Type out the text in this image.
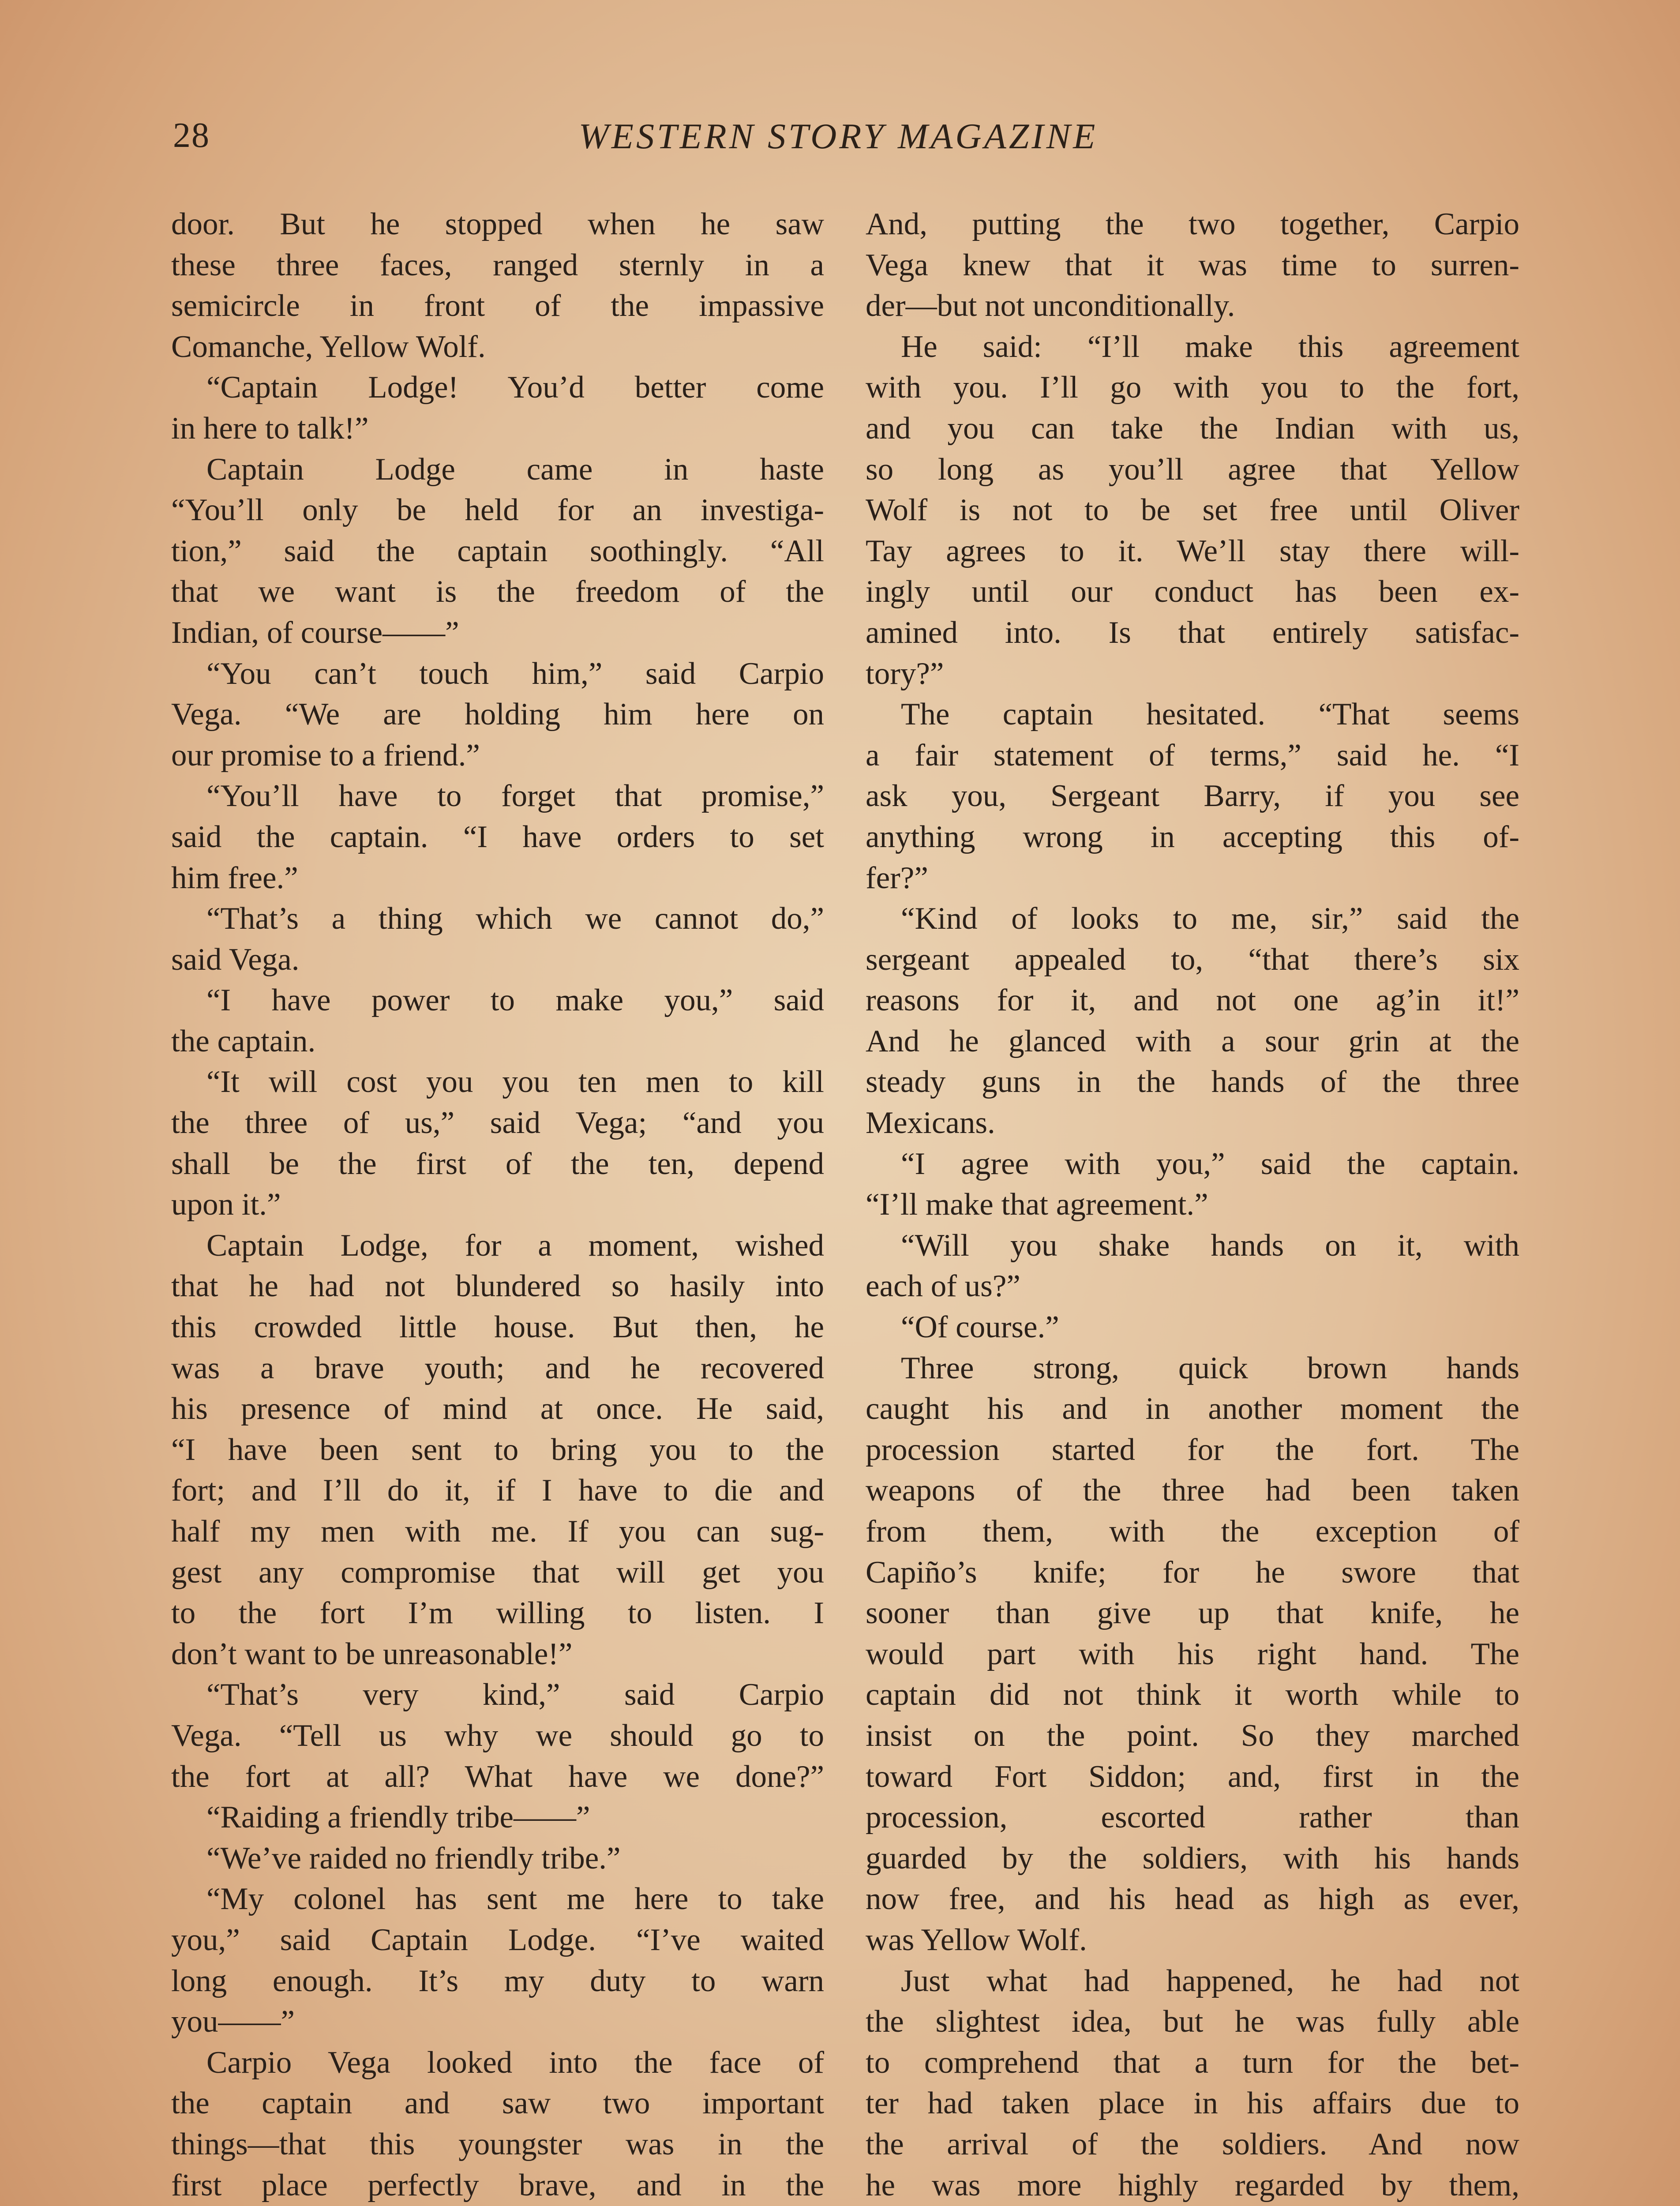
28	WESTERN STORY MAGAZINE
door. But he stopped when he saw
these three faces, ranged sternly in a
semicircle in front of the impassive
Comanche, Yellow Wolf.
“Captain Lodge! You’d better come
in here to talk!”
Captain Lodge came in haste
“You’ll only be held for an investiga-
tion,” said the captain soothingly. “All
that we want is the freedom of the
Indian, of course——”
“You can’t touch him,” said Carpio
Vega. “We are holding him here on
our promise to a friend.”
“You’ll have to forget that promise,”
said the captain. “I have orders to set
him free.”
“That’s a thing which we cannot do,”
said Vega.
“I have power to make you,” said
the captain.
“It will cost you you ten men to kill
the three of us,” said Vega; “and you
shall be the first of the ten, depend
upon it.”
Captain Lodge, for a moment, wished
that he had not blundered so hasily into
this crowded little house. But then, he
was a brave youth; and he recovered
his presence of mind at once. He said,
“I have been sent to bring you to the
fort; and I’ll do it, if I have to die and
half my men with me. If you can sug-
gest any compromise that will get you
to the fort I’m willing to listen. I
don’t want to be unreasonable!”
“That’s very kind,” said Carpio
Vega. “Tell us why we should go to
the fort at all? What have we done?”
“Raiding a friendly tribe——”
“We’ve raided no friendly tribe.”
“My colonel has sent me here to take
you,” said Captain Lodge. “I’ve waited
long enough. It’s my duty to warn
you——”
Carpio Vega looked into the face of
the captain and saw two important
things—that this youngster was in the
first place perfectly brave, and in the
And, putting the two together, Carpio
Vega knew that it was time to surren-
der—but not unconditionally.
He said: “I’ll make this agreement
with you. I’ll go with you to the fort,
and you can take the Indian with us,
so long as you’ll agree that Yellow
Wolf is not to be set free until Oliver
Tay agrees to it. We’ll stay there will-
ingly until our conduct has been ex-
amined into. Is that entirely satisfac-
tory?”
The captain hesitated. “That seems
a fair statement of terms,” said he. “I
ask you, Sergeant Barry, if you see
anything wrong in accepting this of-
fer?”
“Kind of looks to me, sir,” said the
sergeant appealed to, “that there’s six
reasons for it, and not one ag’in it!”
And he glanced with a sour grin at the
steady guns in the hands of the three
Mexicans.
“I agree with you,” said the captain.
“I’ll make that agreement.”
“Will you shake hands on it, with
each of us?”
“Of course.”
Three strong, quick brown hands
caught his and in another moment the
procession started for the fort. The
weapons of the three had been taken
from them, with the exception of
Capiño’s knife; for he swore that
sooner than give up that knife, he
would part with his right hand. The
captain did not think it worth while to
insist on the point. So they marched
toward Fort Siddon; and, first in the
procession, escorted rather than
guarded by the soldiers, with his hands
now free, and his head as high as ever,
was Yellow Wolf.
Just what had happened, he had not
the slightest idea, but he was fully able
to comprehend that a turn for the bet-
ter had taken place in his affairs due to
the arrival of the soldiers. And now
he was more highly regarded by them,
